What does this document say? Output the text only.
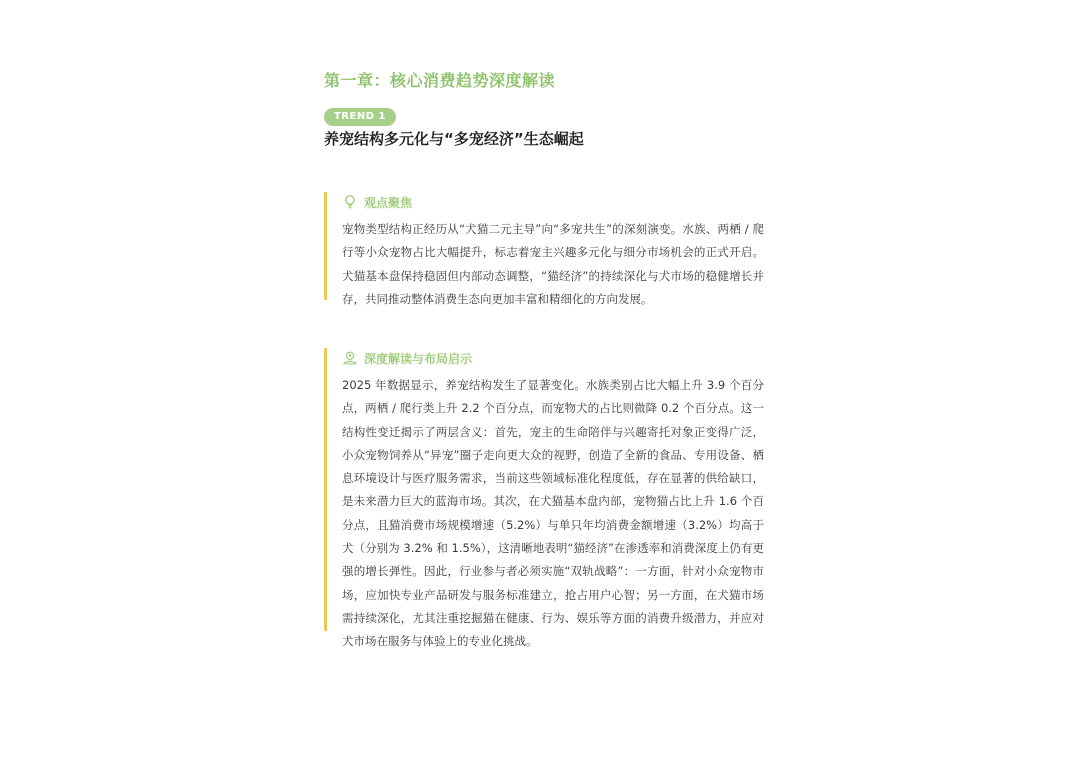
第一章：核心消费趋势深度解读
TREND 1
养宠结构多元化与“多宠经济”生态崛起
观点聚焦

宠物类型结构正经历从“犬猫二元主导”向“多宠共生”的深刻演变。水族、两栖 / 爬行等小众宠物占比大幅提升，标志着宠主兴趣多元化与细分市场机会的正式开启。犬猫基本盘保持稳固但内部动态调整，“猫经济”的持续深化与犬市场的稳健增长并存，共同推动整体消费生态向更加丰富和精细化的方向发展。

深度解读与布局启示

2025 年数据显示，养宠结构发生了显著变化。水族类别占比大幅上升 3.9 个百分点，两栖 / 爬行类上升 2.2 个百分点，而宠物犬的占比则微降 0.2 个百分点。这一结构性变迁揭示了两层含义：首先，宠主的生命陪伴与兴趣寄托对象正变得广泛，小众宠物饲养从“异宠”圈子走向更大众的视野，创造了全新的食品、专用设备、栖息环境设计与医疗服务需求，当前这些领域标准化程度低，存在显著的供给缺口，是未来潜力巨大的蓝海市场。其次，在犬猫基本盘内部，宠物猫占比上升 1.6 个百分点，且猫消费市场规模增速（5.2%）与单只年均消费金额增速（3.2%）均高于犬（分别为 3.2% 和 1.5%），这清晰地表明“猫经济”在渗透率和消费深度上仍有更强的增长弹性。因此，行业参与者必须实施“双轨战略”：一方面，针对小众宠物市场，应加快专业产品研发与服务标准建立，抢占用户心智；另一方面，在犬猫市场需持续深化，尤其注重挖掘猫在健康、行为、娱乐等方面的消费升级潜力，并应对犬市场在服务与体验上的专业化挑战。
